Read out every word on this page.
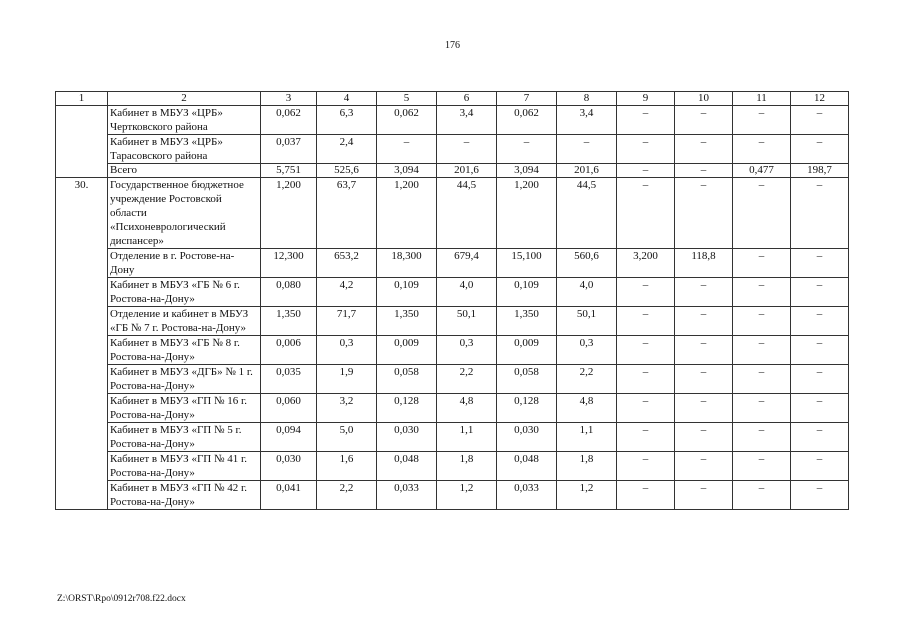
176
1	2	3	4	5	6	7	8	9	10	11	12
	Кабинет в МБУЗ «ЦРБ» Чертковского района	0,062	6,3	0,062	3,4	0,062	3,4	–	–	–	–
	Кабинет в МБУЗ «ЦРБ» Тарасовского района	0,037	2,4	–	–	–	–	–	–	–	–
	Всего	5,751	525,6	3,094	201,6	3,094	201,6	–	–	0,477	198,7
30.	Государственное бюджетное учреждение Ростовской области «Психоневрологический диспансер»	1,200	63,7	1,200	44,5	1,200	44,5	–	–	–	–
	Отделение в г. Ростове-на-Дону	12,300	653,2	18,300	679,4	15,100	560,6	3,200	118,8	–	–
	Кабинет в МБУЗ «ГБ № 6 г. Ростова-на-Дону»	0,080	4,2	0,109	4,0	0,109	4,0	–	–	–	–
	Отделение и кабинет в МБУЗ «ГБ № 7 г. Ростова-на-Дону»	1,350	71,7	1,350	50,1	1,350	50,1	–	–	–	–
	Кабинет в МБУЗ «ГБ № 8 г. Ростова-на-Дону»	0,006	0,3	0,009	0,3	0,009	0,3	–	–	–	–
	Кабинет в МБУЗ «ДГБ» № 1 г. Ростова-на-Дону»	0,035	1,9	0,058	2,2	0,058	2,2	–	–	–	–
	Кабинет в МБУЗ «ГП № 16 г. Ростова-на-Дону»	0,060	3,2	0,128	4,8	0,128	4,8	–	–	–	–
	Кабинет в МБУЗ «ГП № 5 г. Ростова-на-Дону»	0,094	5,0	0,030	1,1	0,030	1,1	–	–	–	–
	Кабинет в МБУЗ «ГП № 41 г. Ростова-на-Дону»	0,030	1,6	0,048	1,8	0,048	1,8	–	–	–	–
	Кабинет в МБУЗ «ГП № 42 г. Ростова-на-Дону»	0,041	2,2	0,033	1,2	0,033	1,2	–	–	–	–
Z:\ORST\Rpo\0912r708.f22.docx
